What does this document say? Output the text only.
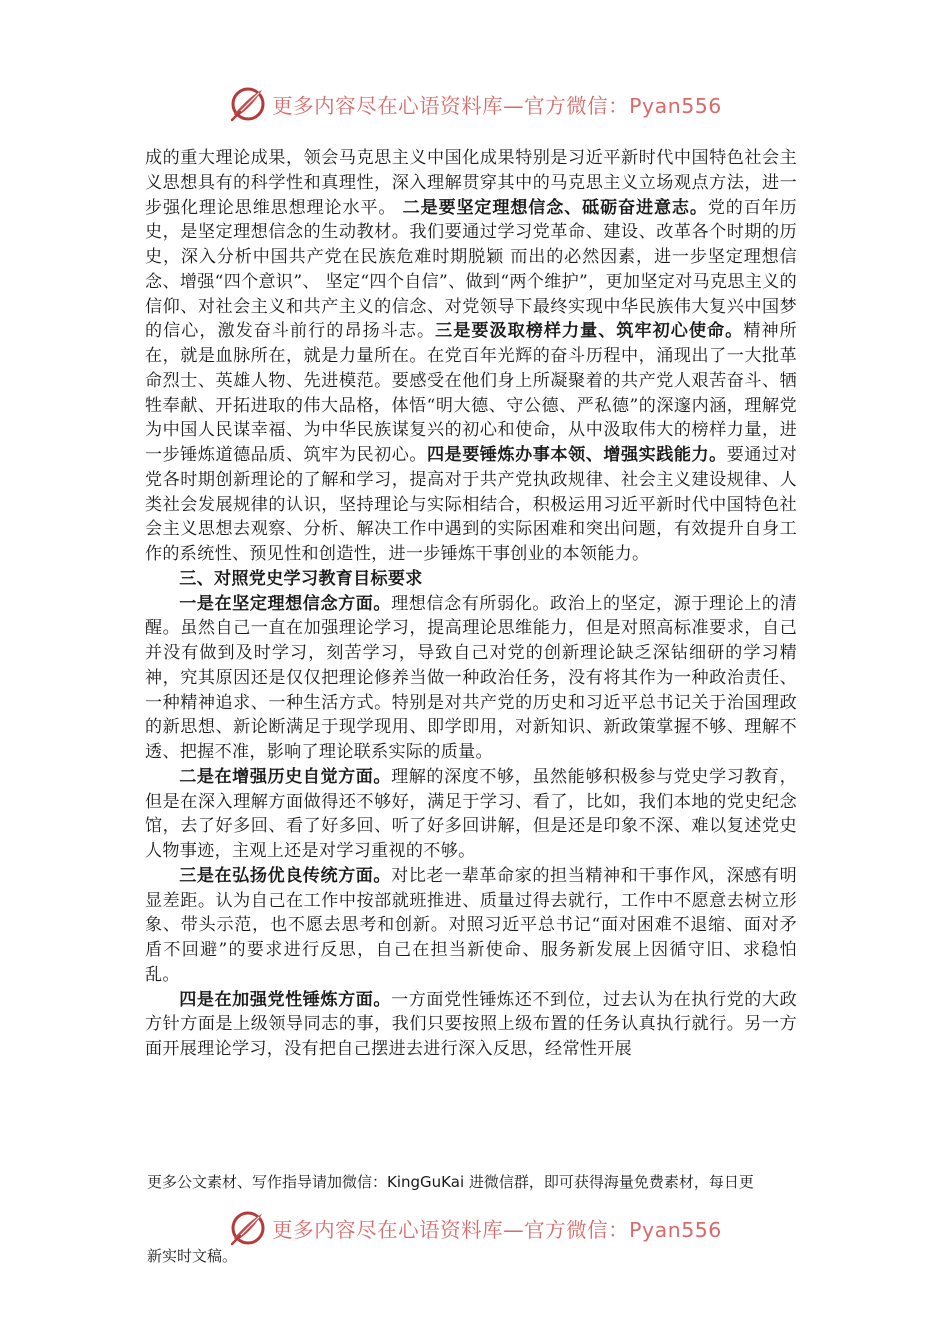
更多内容尽在心语资料库—官方微信：Pyan556

成的重大理论成果，领会马克思主义中国化成果特别是习近平新时代中国特色社会主义思想具有的科学性和真理性，深入理解贯穿其中的马克思主义立场观点方法，进一步强化理论思维思想理论水平。 二是要坚定理想信念、砥砺奋进意志。党的百年历史，是坚定理想信念的生动教材。我们要通过学习党革命、建设、改革各个时期的历史，深入分析中国共产党在民族危难时期脱颖 而出的必然因素，进一步坚定理想信念、增强“四个意识”、 坚定“四个自信”、做到“两个维护”，更加坚定对马克思主义的信仰、对社会主义和共产主义的信念、对党领导下最终实现中华民族伟大复兴中国梦的信心，激发奋斗前行的昂扬斗志。三是要汲取榜样力量、筑牢初心使命。精神所在，就是血脉所在，就是力量所在。在党百年光辉的奋斗历程中，涌现出了一大批革命烈士、英雄人物、先进模范。要感受在他们身上所凝聚着的共产党人艰苦奋斗、牺牲奉献、开拓进取的伟大品格，体悟“明大德、守公德、严私德”的深邃内涵，理解党为中国人民谋幸福、为中华民族谋复兴的初心和使命，从中汲取伟大的榜样力量，进一步锤炼道德品质、筑牢为民初心。四是要锤炼办事本领、增强实践能力。要通过对党各时期创新理论的了解和学习，提高对于共产党执政规律、社会主义建设规律、人类社会发展规律的认识，坚持理论与实际相结合，积极运用习近平新时代中国特色社会主义思想去观察、分析、解决工作中遇到的实际困难和突出问题，有效提升自身工作的系统性、预见性和创造性，进一步锤炼干事创业的本领能力。

三、对照党史学习教育目标要求

一是在坚定理想信念方面。理想信念有所弱化。政治上的坚定，源于理论上的清醒。虽然自己一直在加强理论学习，提高理论思维能力，但是对照高标准要求，自己并没有做到及时学习，刻苦学习，导致自己对党的创新理论缺乏深钻细研的学习精神，究其原因还是仅仅把理论修养当做一种政治任务，没有将其作为一种政治责任、一种精神追求、一种生活方式。特别是对共产党的历史和习近平总书记关于治国理政的新思想、新论断满足于现学现用、即学即用，对新知识、新政策掌握不够、理解不透、把握不准，影响了理论联系实际的质量。

二是在增强历史自觉方面。理解的深度不够，虽然能够积极参与党史学习教育，但是在深入理解方面做得还不够好，满足于学习、看了，比如，我们本地的党史纪念馆，去了好多回、看了好多回、听了好多回讲解，但是还是印象不深、难以复述党史人物事迹，主观上还是对学习重视的不够。

三是在弘扬优良传统方面。对比老一辈革命家的担当精神和干事作风，深感有明显差距。认为自己在工作中按部就班推进、质量过得去就行，工作中不愿意去树立形象、带头示范，也不愿去思考和创新。对照习近平总书记“面对困难不退缩、面对矛盾不回避”的要求进行反思，自己在担当新使命、服务新发展上因循守旧、求稳怕乱。

四是在加强党性锤炼方面。一方面党性锤炼还不到位，过去认为在执行党的大政方针方面是上级领导同志的事，我们只要按照上级布置的任务认真执行就行。另一方面开展理论学习，没有把自己摆进去进行深入反思，经常性开展

更多公文素材、写作指导请加微信：KingGuKai 进微信群，即可获得海量免费素材，每日更
更多内容尽在心语资料库—官方微信：Pyan556
新实时文稿。
